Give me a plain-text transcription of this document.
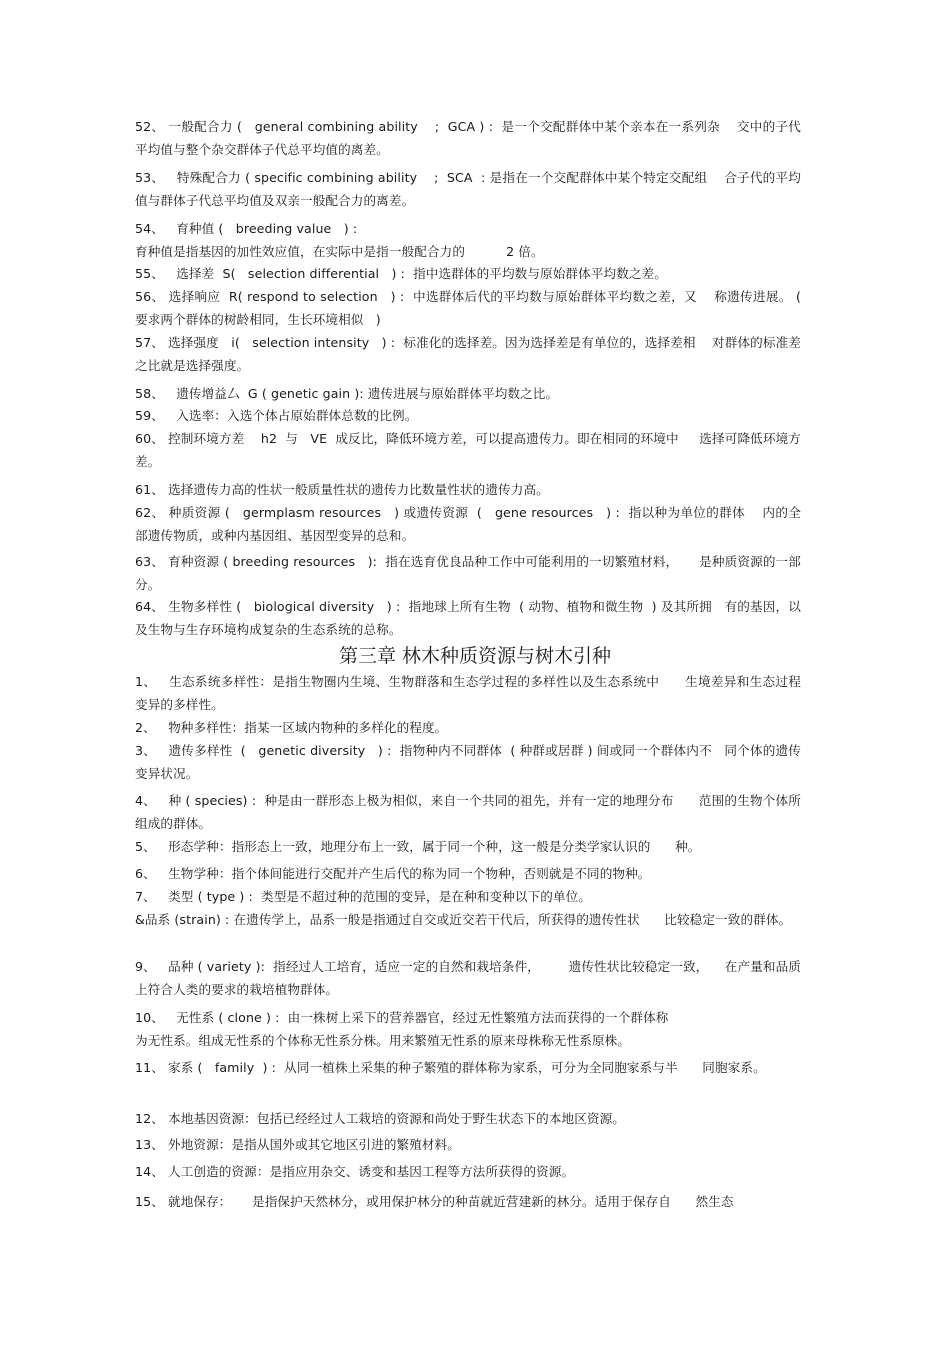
52、 一般配合力 (   general combining ability    ;  GCA ) :  是一个交配群体中某个亲本在一系列杂    交中的子代平均值与整个杂交群体子代总平均值的离差。
53、   特殊配合力 ( specific combining ability    ;  SCA  : 是指在一个交配群体中某个特定交配组    合子代的平均值与群体子代总平均值及双亲一般配合力的离差。
54、   育种值 (   breeding value   ) :
育种值是指基因的加性效应值，在实际中是指一般配合力的          2 倍。
55、   选择差  S(   selection differential   ) :  指中选群体的平均数与原始群体平均数之差。
56、 选择响应  R( respond to selection   ) :  中选群体后代的平均数与原始群体平均数之差，又    称遗传进展。 (  要求两个群体的树龄相同，生长环境相似   )
57、 选择强度   i(   selection intensity   ) :  标准化的选择差。因为选择差是有单位的，选择差相    对群体的标准差之比就是选择强度。
58、   遗传增益厶  G ( genetic gain ): 遗传进展与原始群体平均数之比。
59、   入选率：入选个体占原始群体总数的比例。
60、 控制环境方差    h2  与   VE  成反比，降低环境方差，可以提高遗传力。即在相同的环境中     选择可降低环境方差。
61、 选择遗传力高的性状一般质量性状的遗传力比数量性状的遗传力高。
62、 种质资源 (   germplasm resources   ) 或遗传资源  (   gene resources   ) :  指以种为单位的群体    内的全部遗传物质，或种内基因组、基因型变异的总和。
63、 育种资源 ( breeding resources   ):  指在选育优良品种工作中可能利用的一切繁殖材料，     是种质资源的一部分。
64、 生物多样性 (   biological diversity   ) :  指地球上所有生物  ( 动物、植物和微生物  ) 及其所拥   有的基因，以及生物与生存环境构成复杂的生态系统的总称。
第三章 林木种质资源与树木引种
1、   生态系统多样性：是指生物圈内生境、生物群落和生态学过程的多样性以及生态系统中      生境差异和生态过程变异的多样性。
2、   物种多样性：指某一区域内物种的多样化的程度。
3、   遗传多样性  (   genetic diversity   ) :  指物种内不同群体  ( 种群或居群 ) 间或同一个群体内不   同个体的遗传变异状况。
4、   种 ( species) :  种是由一群形态上极为相似，来自一个共同的祖先，并有一定的地理分布      范围的生物个体所组成的群体。
5、   形态学种：指形态上一致，地理分布上一致，属于同一个种，这一般是分类学家认识的      种。
6、   生物学种：指个体间能进行交配并产生后代的称为同一个物种，否则就是不同的物种。
7、   类型 ( type ) :  类型是不超过种的范围的变异，是在种和变种以下的单位。
&品系 (strain) : 在遗传学上，品系一般是指通过自交或近交若干代后，所获得的遗传性状      比较稳定一致的群体。
9、   品种 ( variety ):  指经过人工培育，适应一定的自然和栽培条件，       遗传性状比较稳定一致，    在产量和品质上符合人类的要求的栽培植物群体。
10、   无性系 ( clone ) :  由一株树上采下的营养器官，经过无性繁殖方法而获得的一个群体称
为无性系。组成无性系的个体称无性系分株。用来繁殖无性系的原来母株称无性系原株。
11、 家系 (   family  ) :  从同一植株上采集的种子繁殖的群体称为家系，可分为全同胞家系与半      同胞家系。
12、 本地基因资源：包括已经经过人工栽培的资源和尚处于野生状态下的本地区资源。
13、 外地资源：是指从国外或其它地区引进的繁殖材料。
14、 人工创造的资源：是指应用杂交、诱变和基因工程等方法所获得的资源。
15、 就地保存：     是指保护天然林分，或用保护林分的种苗就近营建新的林分。适用于保存自      然生态
